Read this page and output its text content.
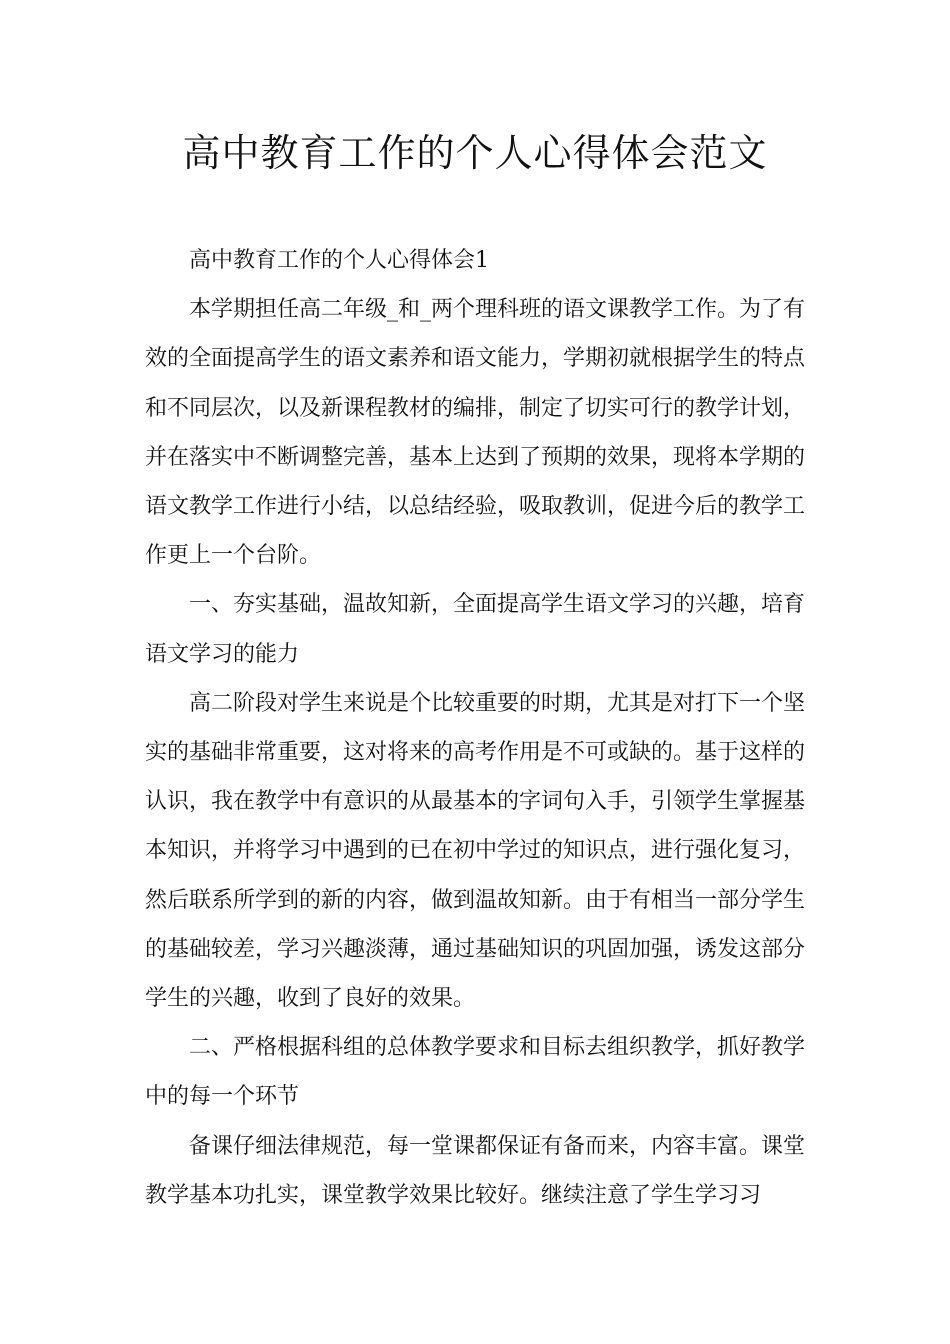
高中教育工作的个人心得体会范文

高中教育工作的个人心得体会1

本学期担任高二年级_和_两个理科班的语文课教学工作。为了有效的全面提高学生的语文素养和语文能力，学期初就根据学生的特点和不同层次，以及新课程教材的编排，制定了切实可行的教学计划，并在落实中不断调整完善，基本上达到了预期的效果，现将本学期的语文教学工作进行小结，以总结经验，吸取教训，促进今后的教学工作更上一个台阶。

一、夯实基础，温故知新，全面提高学生语文学习的兴趣，培育语文学习的能力

高二阶段对学生来说是个比较重要的时期，尤其是对打下一个坚实的基础非常重要，这对将来的高考作用是不可或缺的。基于这样的认识，我在教学中有意识的从最基本的字词句入手，引领学生掌握基本知识，并将学习中遇到的已在初中学过的知识点，进行强化复习，然后联系所学到的新的内容，做到温故知新。由于有相当一部分学生的基础较差，学习兴趣淡薄，通过基础知识的巩固加强，诱发这部分学生的兴趣，收到了良好的效果。

二、严格根据科组的总体教学要求和目标去组织教学，抓好教学中的每一个环节

备课仔细法律规范，每一堂课都保证有备而来，内容丰富。课堂教学基本功扎实，课堂教学效果比较好。继续注意了学生学习习
